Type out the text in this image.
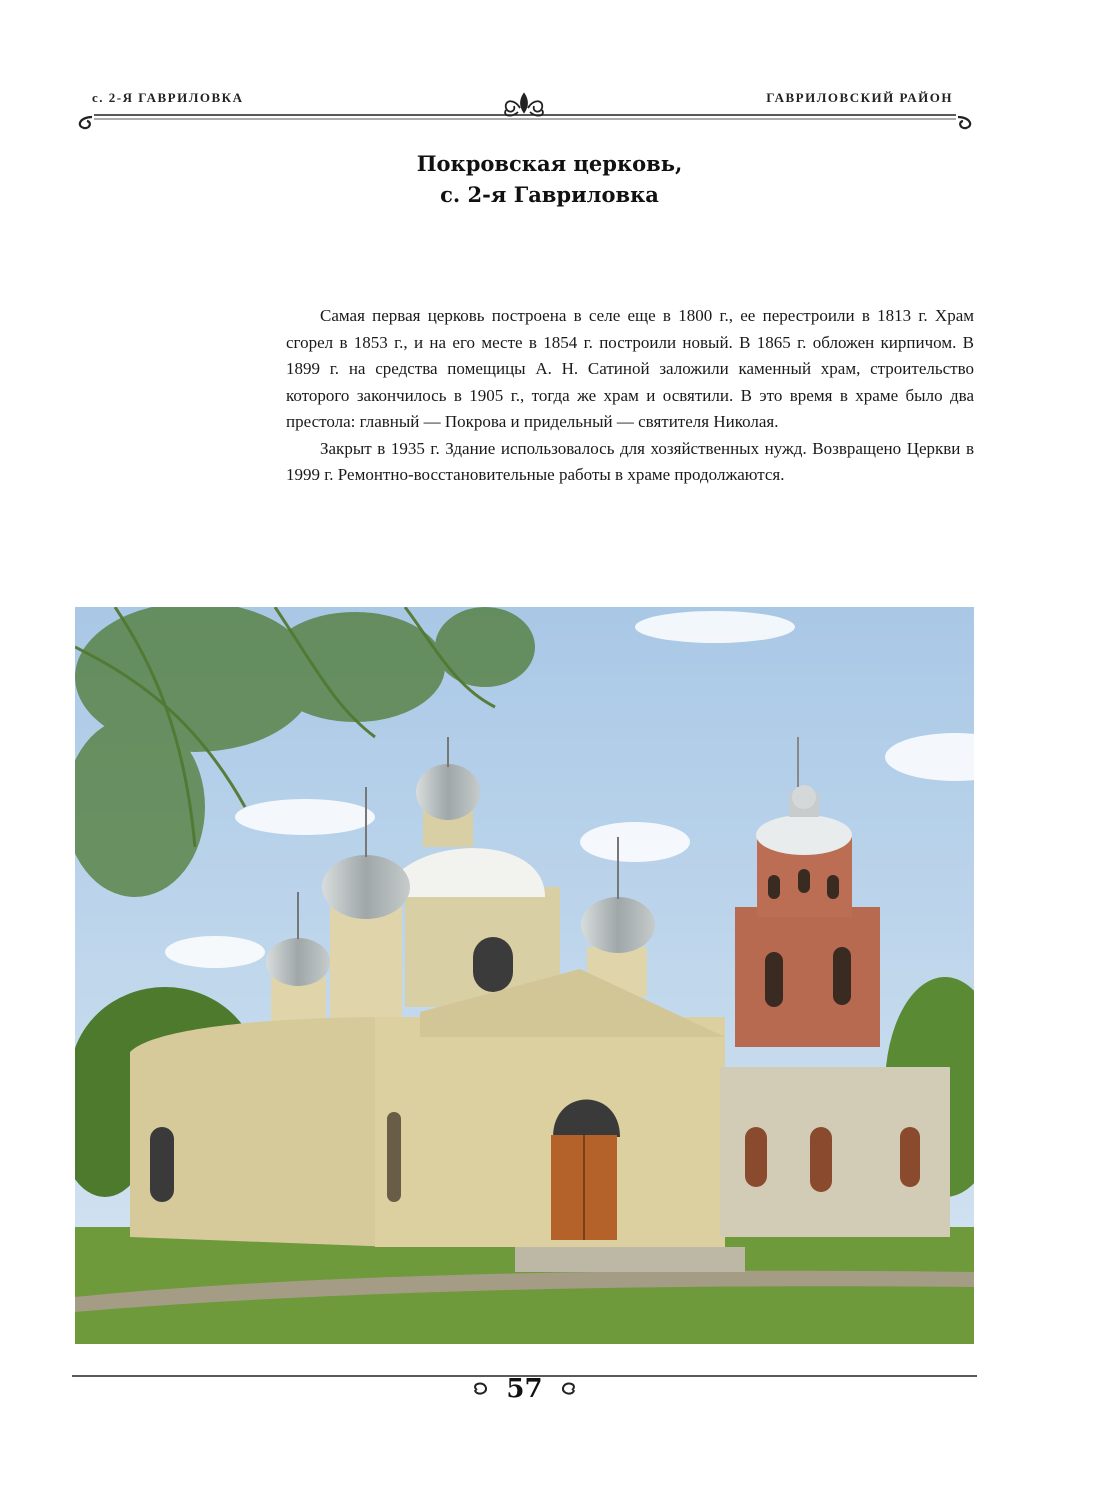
с. 2-Я ГАВРИЛОВКА	ГАВРИЛОВСКИЙ РАЙОН
Покровская церковь,
с. 2-я Гавриловка

Самая первая церковь построена в селе еще в 1800 г., ее перестроили в 1813 г. Храм сгорел в 1853 г., и на его месте в 1854 г. построили новый. В 1865 г. обложен кирпичом. В 1899 г. на средства помещицы А. Н. Сатиной заложили каменный храм, строительство которого закончилось в 1905 г., тогда же храм и освятили. В это время в храме было два престола: главный — Покрова и придельный — святителя Николая.

Закрыт в 1935 г. Здание использовалось для хозяйственных нужд. Возвращено Церкви в 1999 г. Ремонтно-восстановительные работы в храме продолжаются.

57
